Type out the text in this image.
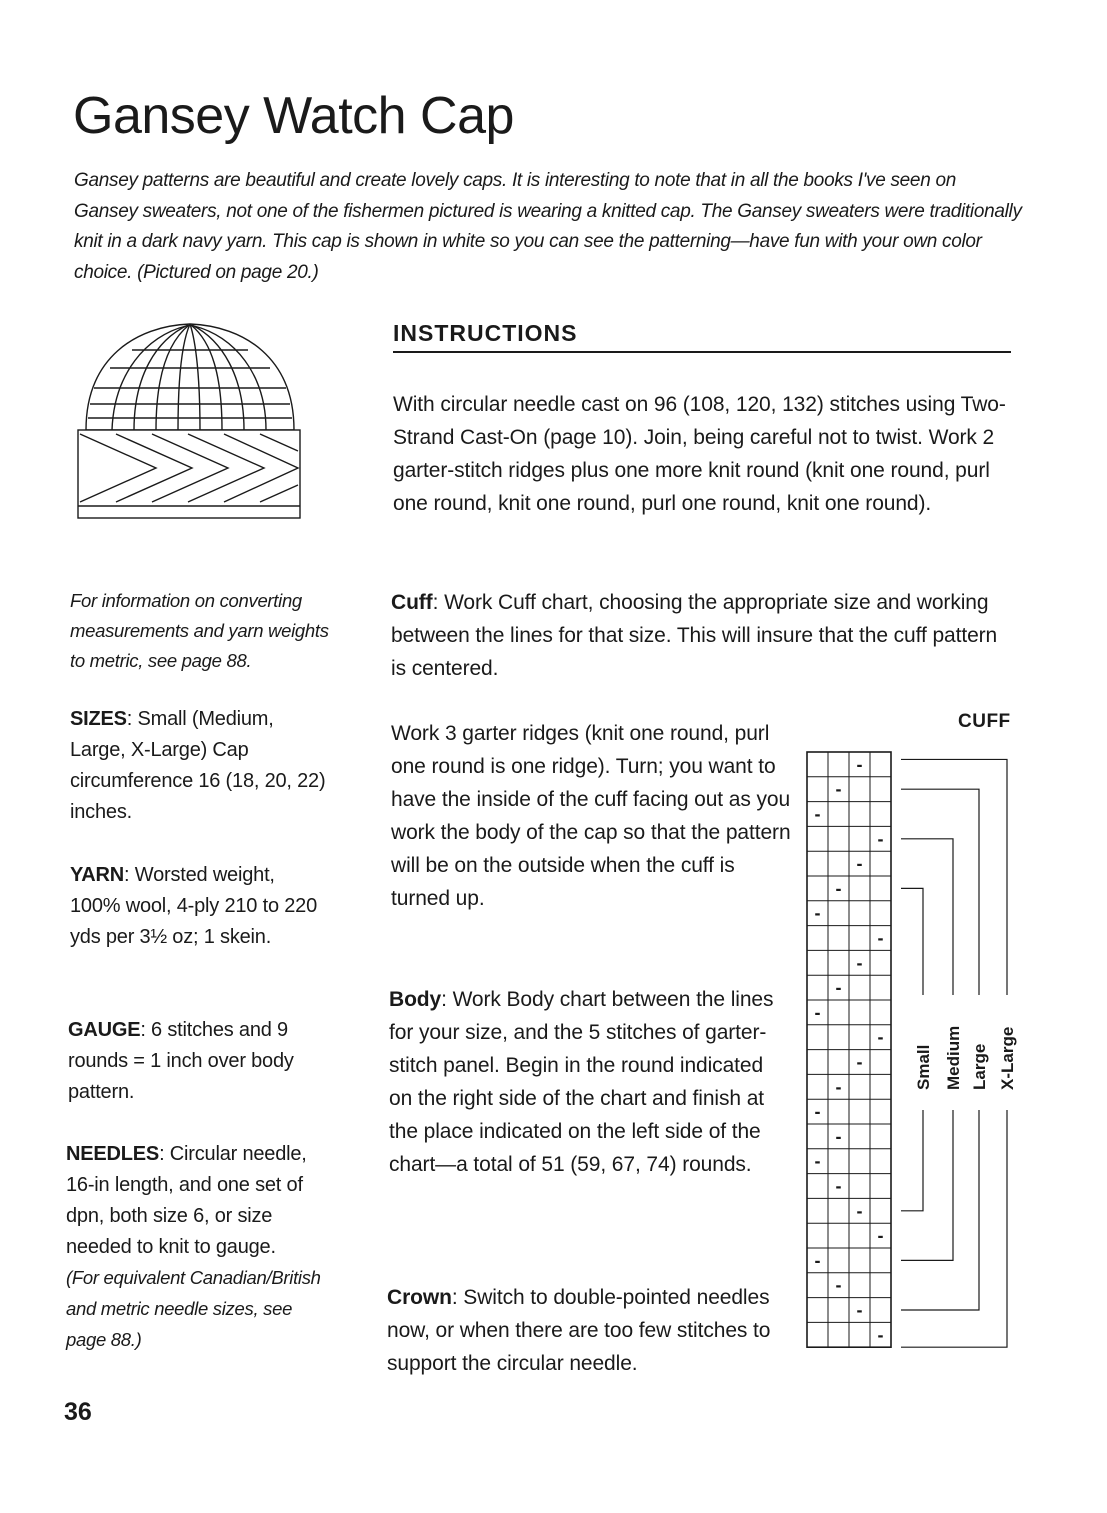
Gansey Watch Cap

Gansey patterns are beautiful and create lovely caps. It is interesting to note that in all the books I've seen on Gansey sweaters, not one of the fishermen pictured is wearing a knitted cap. The Gansey sweaters were traditionally knit in a dark navy yarn. This cap is shown in white so you can see the patterning—have fun with your own color choice. (Pictured on page 20.)

For information on converting measurements and yarn weights to metric, see page 88.

SIZES: Small (Medium, Large, X-Large) Cap circumference 16 (18, 20, 22) inches.

YARN: Worsted weight, 100% wool, 4-ply 210 to 220 yds per 3½ oz; 1 skein.

GAUGE: 6 stitches and 9 rounds = 1 inch over body pattern.

NEEDLES: Circular needle, 16-in length, and one set of dpn, both size 6, or size needed to knit to gauge.
(For equivalent Canadian/British and metric needle sizes, see page 88.)

36

INSTRUCTIONS

With circular needle cast on 96 (108, 120, 132) stitches using Two-Strand Cast-On (page 10). Join, being careful not to twist. Work 2 garter-stitch ridges plus one more knit round (knit one round, purl one round, knit one round, purl one round, knit one round).

Cuff: Work Cuff chart, choosing the appropriate size and working between the lines for that size. This will insure that the cuff pattern is centered.

Work 3 garter ridges (knit one round, purl one round is one ridge). Turn; you want to have the inside of the cuff facing out as you work the body of the cap so that the pattern will be on the outside when the cuff is turned up.

Body: Work Body chart between the lines for your size, and the 5 stitches of garter-stitch panel. Begin in the round indicated on the right side of the chart and finish at the place indicated on the left side of the chart—a total of 51 (59, 67, 74) rounds.

Crown: Switch to double-pointed needles now, or when there are too few stitches to support the circular needle.

CUFF

-
-
-
-
-
-
-
-
-
-
-
-
-
-
-
-
-
-
-
-
-
-
-
-
Small Medium Large X-Large
